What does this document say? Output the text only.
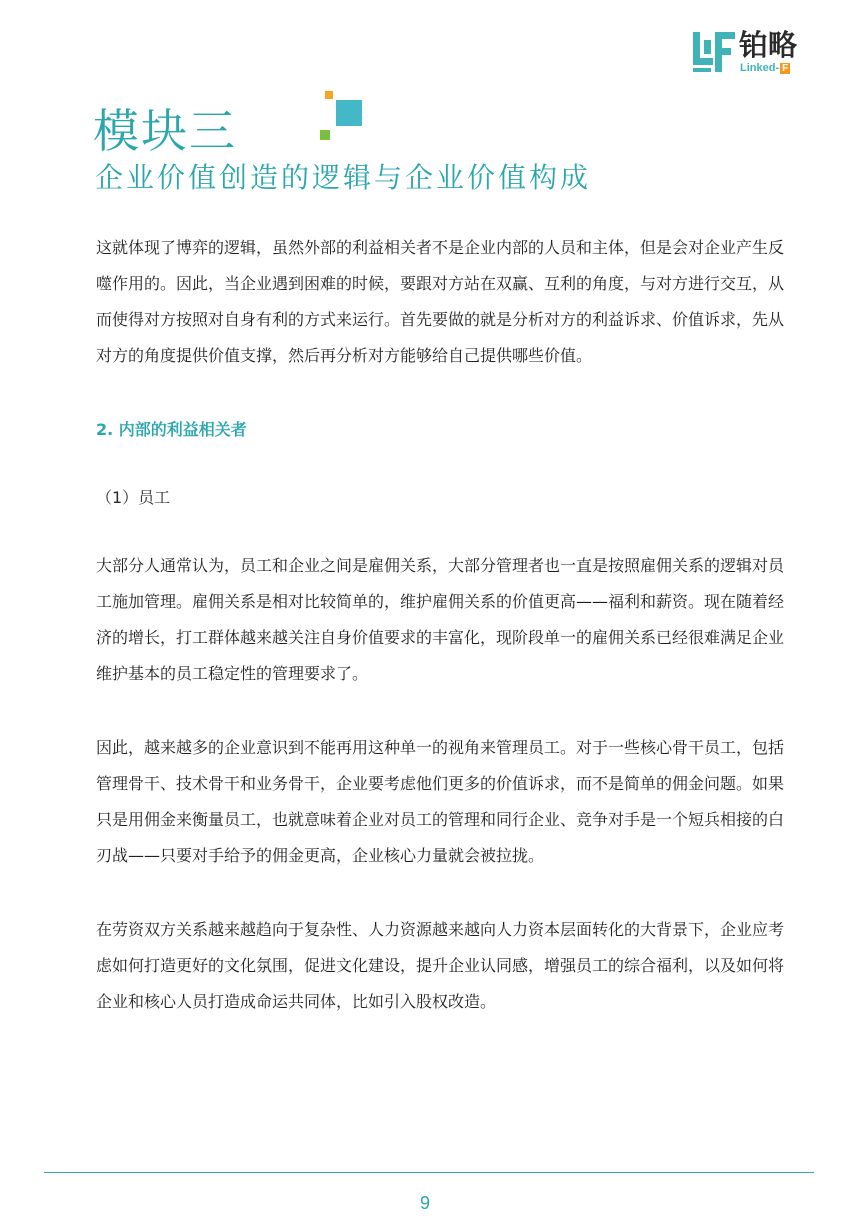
铂略
Linked- F
模块三
企业价值创造的逻辑与企业价值构成

这就体现了博弈的逻辑，虽然外部的利益相关者不是企业内部的人员和主体，但是会对企业产生反噬作用的。因此，当企业遇到困难的时候，要跟对方站在双赢、互利的角度，与对方进行交互，从而使得对方按照对自身有利的方式来运行。首先要做的就是分析对方的利益诉求、价值诉求，先从对方的角度提供价值支撑，然后再分析对方能够给自己提供哪些价值。

2. 内部的利益相关者

（1）员工

大部分人通常认为，员工和企业之间是雇佣关系，大部分管理者也一直是按照雇佣关系的逻辑对员工施加管理。雇佣关系是相对比较简单的，维护雇佣关系的价值更高——福利和薪资。现在随着经济的增长，打工群体越来越关注自身价值要求的丰富化，现阶段单一的雇佣关系已经很难满足企业维护基本的员工稳定性的管理要求了。

因此，越来越多的企业意识到不能再用这种单一的视角来管理员工。对于一些核心骨干员工，包括管理骨干、技术骨干和业务骨干，企业要考虑他们更多的价值诉求，而不是简单的佣金问题。如果只是用佣金来衡量员工，也就意味着企业对员工的管理和同行企业、竞争对手是一个短兵相接的白刃战——只要对手给予的佣金更高，企业核心力量就会被拉拢。

在劳资双方关系越来越趋向于复杂性、人力资源越来越向人力资本层面转化的大背景下，企业应考虑如何打造更好的文化氛围，促进文化建设，提升企业认同感，增强员工的综合福利，以及如何将企业和核心人员打造成命运共同体，比如引入股权改造。

9
